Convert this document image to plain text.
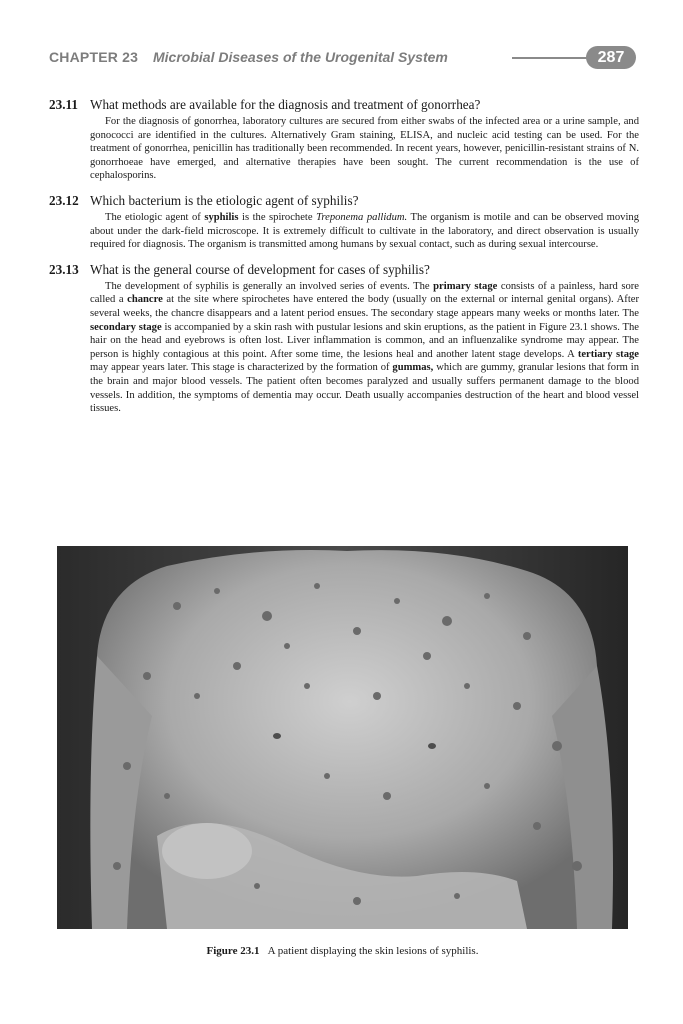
CHAPTER 23 Microbial Diseases of the Urogenital System	287
23.11 What methods are available for the diagnosis and treatment of gonorrhea?
For the diagnosis of gonorrhea, laboratory cultures are secured from either swabs of the infected area or a urine sample, and gonococci are identified in the cultures. Alternatively Gram staining, ELISA, and nucleic acid testing can be used. For the treatment of gonorrhea, penicillin has traditionally been recommended. In recent years, however, penicillin-resistant strains of N. gonorrhoeae have emerged, and alternative therapies have been sought. The current recommendation is the use of cephalosporins.
23.12 Which bacterium is the etiologic agent of syphilis?
The etiologic agent of syphilis is the spirochete Treponema pallidum. The organism is motile and can be observed moving about under the dark-field microscope. It is extremely difficult to cultivate in the laboratory, and direct observation is usually required for diagnosis. The organism is transmitted among humans by sexual contact, such as during sexual intercourse.
23.13 What is the general course of development for cases of syphilis?
The development of syphilis is generally an involved series of events. The primary stage consists of a painless, hard sore called a chancre at the site where spirochetes have entered the body (usually on the external or internal genital organs). After several weeks, the chancre disappears and a latent period ensues. The secondary stage appears many weeks or months later. The secondary stage is accompanied by a skin rash with pustular lesions and skin eruptions, as the patient in Figure 23.1 shows. The hair on the head and eyebrows is often lost. Liver inflammation is common, and an influenzalike syndrome may appear. The person is highly contagious at this point. After some time, the lesions heal and another latent stage develops. A tertiary stage may appear years later. This stage is characterized by the formation of gummas, which are gummy, granular lesions that form in the brain and major blood vessels. The patient often becomes paralyzed and usually suffers permanent damage to the blood vessels. In addition, the symptoms of dementia may occur. Death usually accompanies destruction of the heart and blood vessel tissues.
Figure 23.1 A patient displaying the skin lesions of syphilis.
